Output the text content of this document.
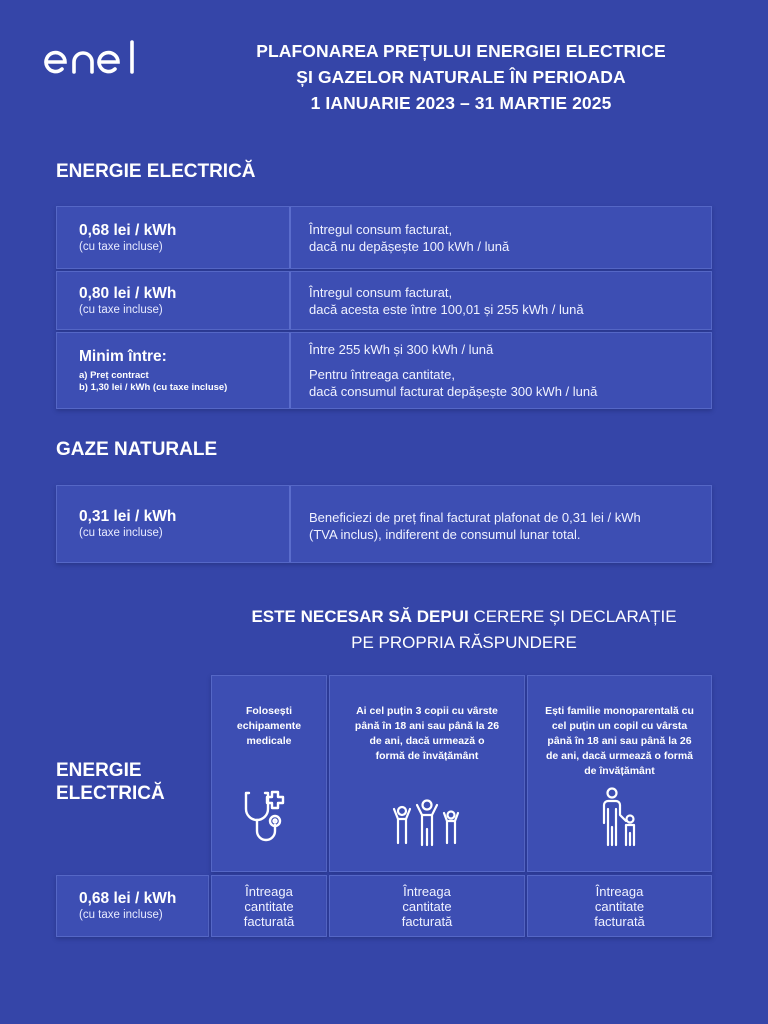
PLAFONAREA PREȚULUI ENERGIEI ELECTRICE
ȘI GAZELOR NATURALE ÎN PERIOADA
1 IANUARIE 2023 – 31 MARTIE 2025
ENERGIE ELECTRICĂ
0,68 lei / kWh
(cu taxe incluse)
Întregul consum facturat,
dacă nu depășește 100 kWh / lună
0,80 lei / kWh
(cu taxe incluse)
Întregul consum facturat,
dacă acesta este între 100,01 și 255 kWh / lună
Minim între:
a) Preț contract
b) 1,30 lei / kWh (cu taxe incluse)
Între 255 kWh și 300 kWh / lună
Pentru întreaga cantitate,
dacă consumul facturat depășește 300 kWh / lună
GAZE NATURALE
0,31 lei / kWh
(cu taxe incluse)
Beneficiezi de preț final facturat plafonat de 0,31 lei / kWh
(TVA inclus), indiferent de consumul lunar total.
ESTE NECESAR SĂ DEPUI CERERE ȘI DECLARAȚIE
PE PROPRIA RĂSPUNDERE
ENERGIE
ELECTRICĂ
Folosești
echipamente
medicale
Ai cel puțin 3 copii cu vârste
până în 18 ani sau până la 26
de ani, dacă urmează o
formă de învățământ
Ești familie monoparentală cu
cel puțin un copil cu vârsta
până în 18 ani sau până la 26
de ani, dacă urmează o formă
de învățământ
0,68 lei / kWh
(cu taxe incluse)
Întreaga
cantitate
facturată
Întreaga
cantitate
facturată
Întreaga
cantitate
facturată
